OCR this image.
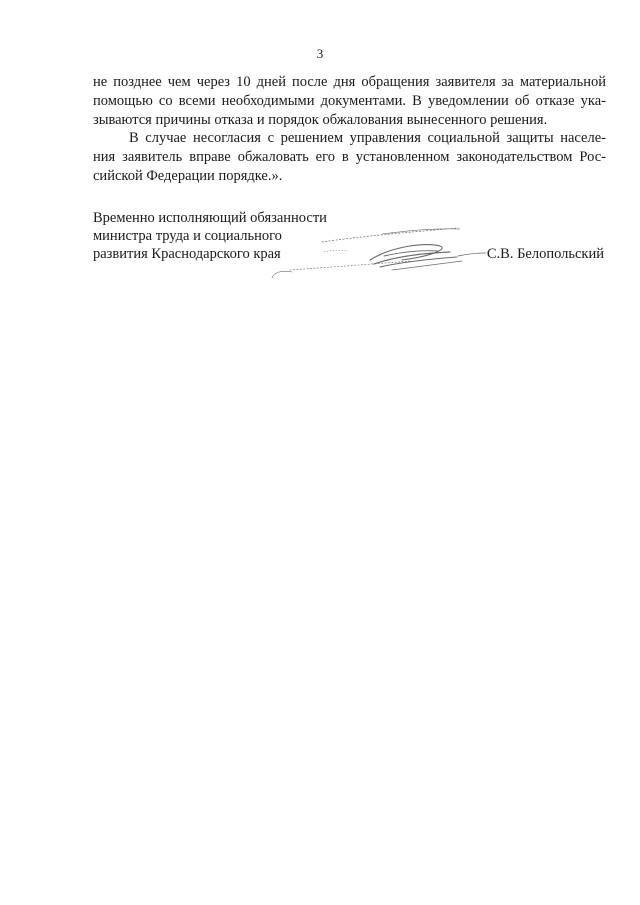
3
не позднее чем через 10 дней после дня обращения заявителя за материальной
помощью со всеми необходимыми документами. В уведомлении об отказе ука-
зываются причины отказа и порядок обжалования вынесенного решения.
В случае несогласия с решением управления социальной защиты населе-
ния заявитель вправе обжаловать его в установленном законодательством Рос-
сийской Федерации порядке.».
Временно исполняющий обязанности
министра труда и социального
развития Краснодарского края	С.В. Белопольский
